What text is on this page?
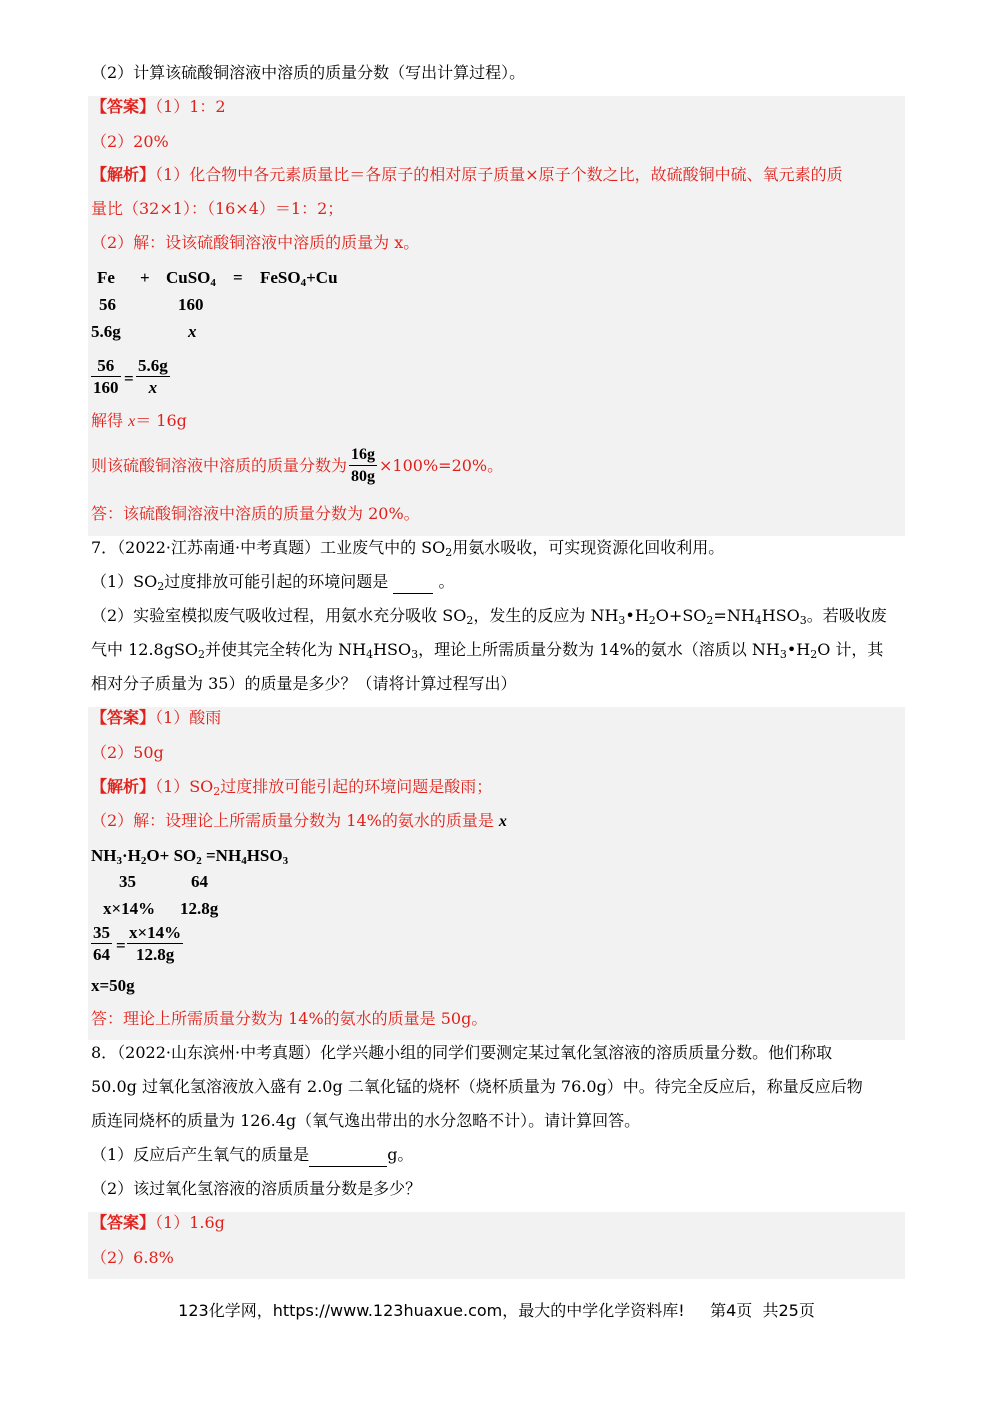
（2）计算该硫酸铜溶液中溶质的质量分数（写出计算过程）。
【答案】（1）1：2
（2）20%
【解析】（1）化合物中各元素质量比＝各原子的相对原子质量×原子个数之比，故硫酸铜中硫、氧元素的质
量比（32×1）：（16×4）＝1：2；
（2）解：设该硫酸铜溶液中溶质的质量为 x。
Fe + CuSO$_4$ = FeSO$_4$+Cu
56	160
5.6g	x
$\frac{56}{160} = \frac{5.6g}{x}$
解得 x＝ 16g
则该硫酸铜溶液中溶质的质量分数为 $\frac{16g}{80g} \times 100\%=20\%$。
答：该硫酸铜溶液中溶质的质量分数为 20%。
7．（2022·江苏南通·中考真题）工业废气中的 $SO_2$用氨水吸收，可实现资源化回收利用。
$(1)SO_2$过度排放可能引起的环境问题是	。
（2）实验室模拟废气吸收过程，用氨水充分吸收 $SO_2$，发生的反应为 $NH_3•H_2O+SO_2=NH_4HSO_3$。若吸收废
气中 12.8gSO$_2$并使其完全转化为 $NH_4HSO_3$，理论上所需质量分数为 14%的氨水（溶质以 $NH_3•H_2O$ 计，其
相对分子质量为 35）的质量是多少？（请将计算过程写出）
【答案】（1）酸雨
（2）50g
【解析】$(1)SO_2$过度排放可能引起的环境问题是酸雨；
（2）解：设理论上所需质量分数为 14%的氨水的质量是 x
$NH_3\cdot H_2O+ SO_2 =NH_4HSO_3$
35	64
x×14% 12.8g
$\frac{35}{64} = \frac{x\times 14\%}{12.8g}$
x=50g
答：理论上所需质量分数为 14%的氨水的质量是 50g。
8．（2022·山东滨州·中考真题）化学兴趣小组的同学们要测定某过氧化氢溶液的溶质质量分数。他们称取
50.0g 过氧化氢溶液放入盛有 2.0g 二氧化锰的烧杯（烧杯质量为 76.0g）中。待完全反应后，称量反应后物
质连同烧杯的质量为 126.4g（氧气逸出带出的水分忽略不计）。请计算回答。
（1）反应后产生氧气的质量是	g。
（2）该过氧化氢溶液的溶质质量分数是多少？
【答案】（1）1.6g
（2）6.8%
123化学网，https://www.123huaxue.com，最大的中学化学资料库!     第4页  共25页
